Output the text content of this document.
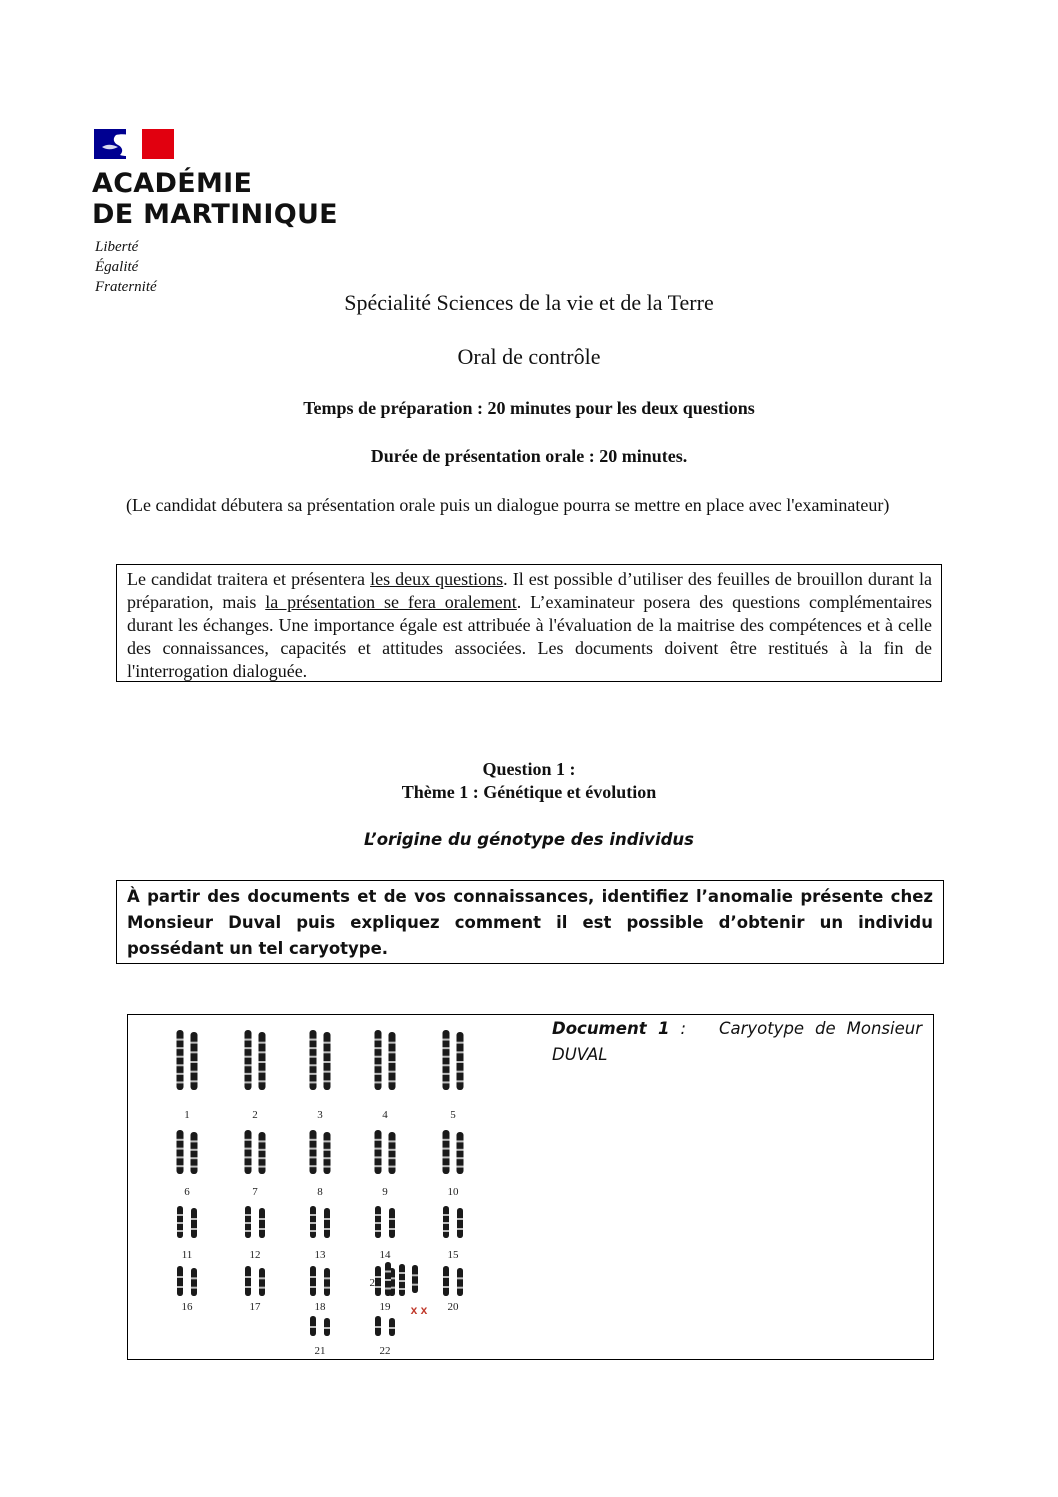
ACADÉMIE
DE MARTINIQUE
Liberté
Égalité
Fraternité
Spécialité Sciences de la vie et de la Terre
Oral de contrôle
Temps de préparation : 20 minutes pour les deux questions
Durée de présentation orale : 20 minutes.
(Le candidat débutera sa présentation orale puis un dialogue pourra se mettre en place avec l'examinateur)
Le candidat traitera et présentera les deux questions. Il est possible d’utiliser des feuilles de brouillon durant la préparation, mais la présentation se fera oralement. L’examinateur posera des questions complémentaires durant les échanges. Une importance égale est attribuée à l'évaluation de la maitrise des compétences et à celle des connaissances, capacités et attitudes associées. Les documents doivent être restitués à la fin de l'interrogation dialoguée.
Question 1 :
Thème 1 : Génétique et évolution
L’origine du génotype des individus
À partir des documents et de vos connaissances, identifiez l’anomalie présente chez Monsieur Duval puis expliquez comment il est possible d’obtenir un individu possédant un tel caryotype.
1	2	3	4	5
6	7	8	9	10
11	12	13	14	15
16	17	18	19	20
21	22
23
x x
Document 1 :   Caryotype de Monsieur DUVAL
